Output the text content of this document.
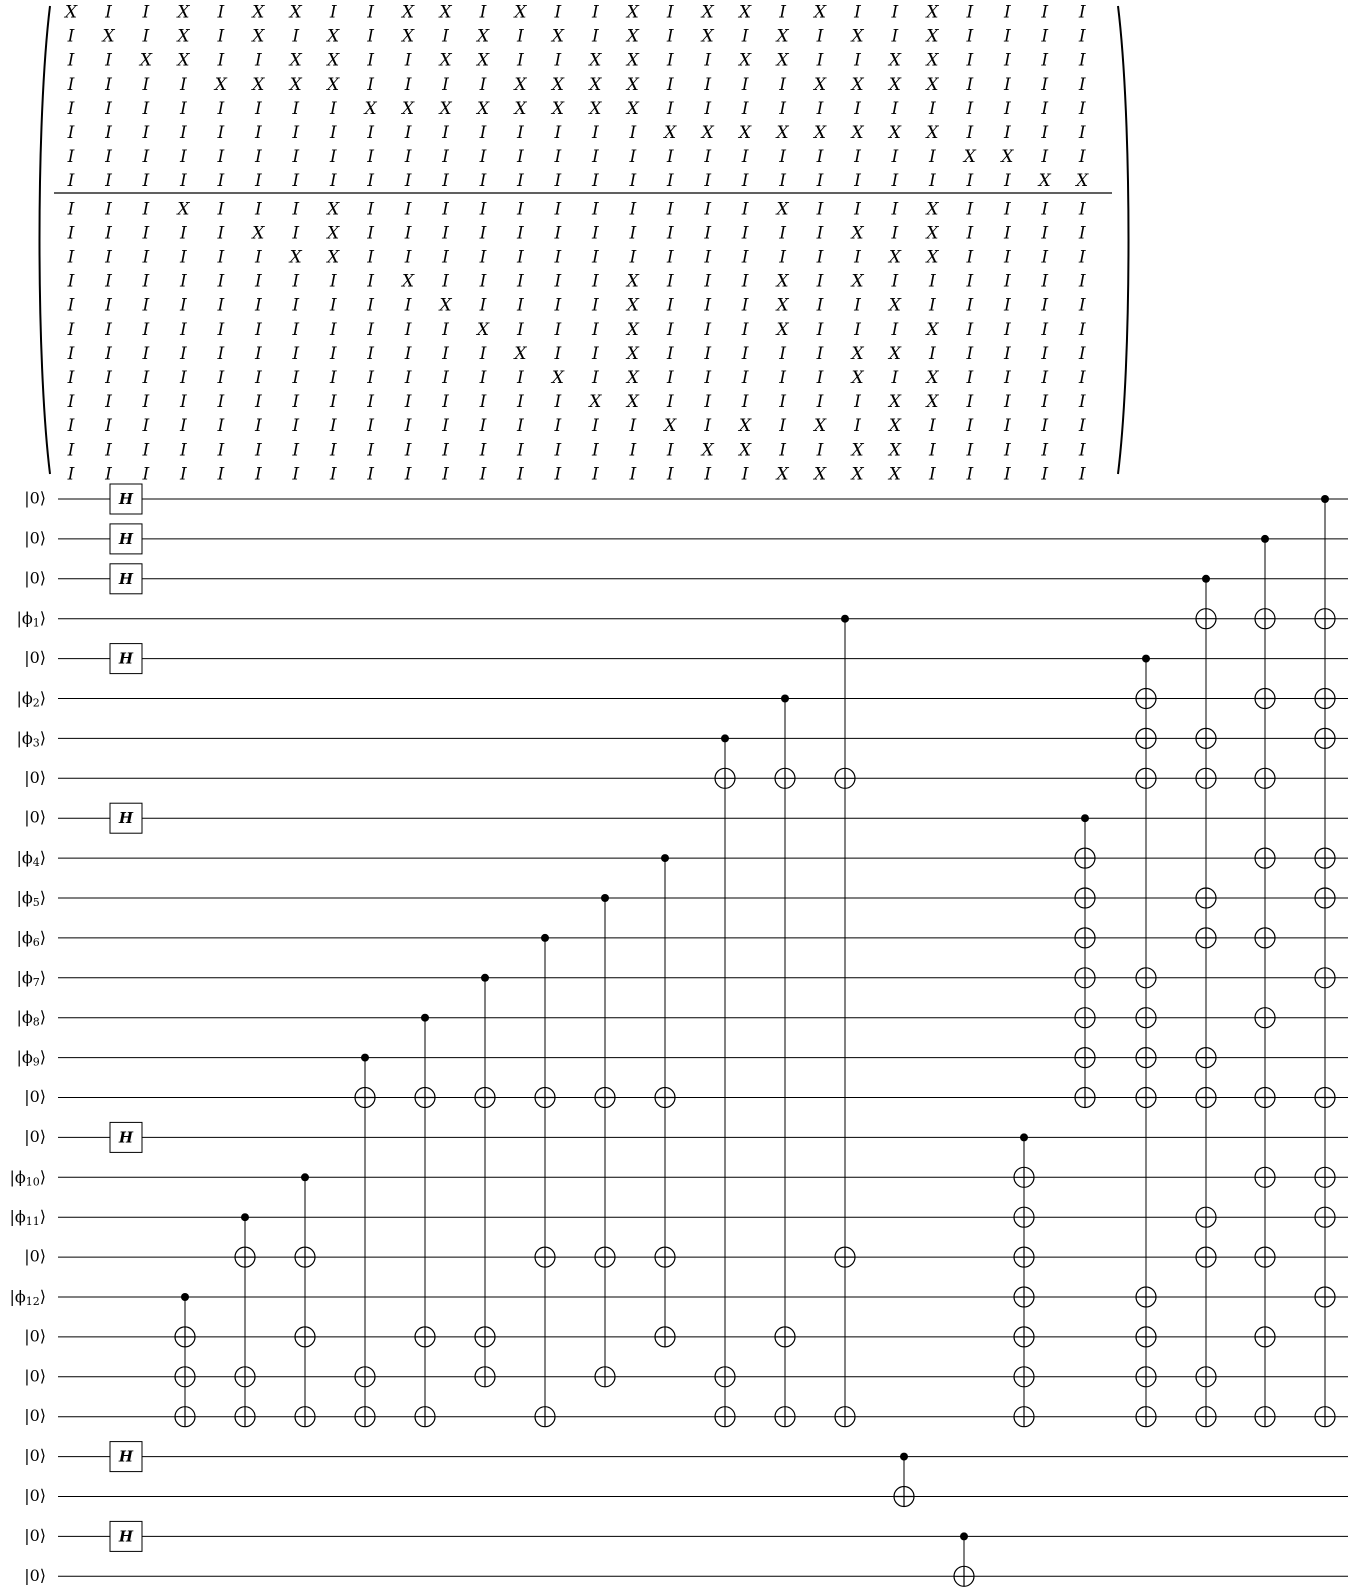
X I I X I X X I I X X I X I I X I X X I X I I X I I I I
I X I X I X I X I X I X I X I X I X I X I X I X I I I I
I I X X I I X X I I X X I I X X I I X X I I X X I I I I
I I I I X X X X I I I I X X X X I I I I X X X X I I I I
I I I I I I I I X X X X X X X X I I I I I I I I I I I I
I I I I I I I I I I I I I I I I X X X X X X X X I I I I
I I I I I I I I I I I I I I I I I I I I I I I I X X I I
I I I I I I I I I I I I I I I I I I I I I I I I I I X X
I I I X I I I X I I I I I I I I I I I X I I I X I I I I
I I I I I X I X I I I I I I I I I I I I I X I X I I I I
I I I I I I X X I I I I I I I I I I I I I I X X I I I I
I I I I I I I I I X I I I I I X I I I X I X I I I I I I
I I I I I I I I I I X I I I I X I I I X I I X I I I I I
I I I I I I I I I I I X I I I X I I I X I I I X I I I I
I I I I I I I I I I I I X I I X I I I I I X X I I I I I
I I I I I I I I I I I I I X I X I I I I I X I X I I I I
I I I I I I I I I I I I I I X X I I I I I I X X I I I I
I I I I I I I I I I I I I I I I X I X I X I X I I I I I
I I I I I I I I I I I I I I I I I X X I I X X I I I I I
I I I I I I I I I I I I I I I I I I I X X X X I I I I I
|0⟩
|0⟩
|0⟩
$|\phi_1⟩$
|0⟩
$|\phi_2⟩$
$|\phi_3⟩$
|0⟩
|0⟩
$|\phi_4⟩$
$|\phi_5⟩$
$|\phi_6⟩$
$|\phi_7⟩$
$|\phi_8⟩$
$|\phi_9⟩$
|0⟩
|0⟩
$|\phi_{10}⟩$
$|\phi_{11}⟩$
|0⟩
$|\phi_{12}⟩$
|0⟩
|0⟩
|0⟩
|0⟩
|0⟩
|0⟩
|0⟩
H
H
H
H
H
H
H
H
